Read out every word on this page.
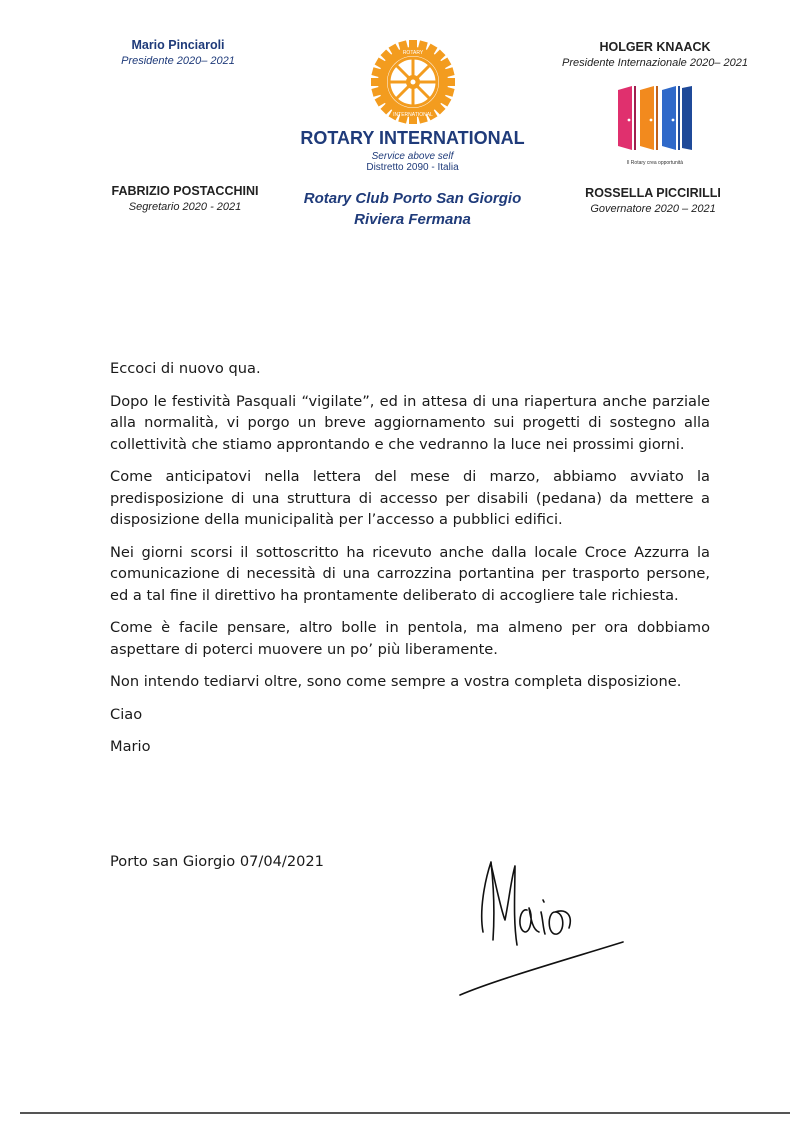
Mario Pinciaroli
Presidente 2020– 2021
HOLGER KNAACK
Presidente Internazionale 2020– 2021
Il Rotary crea opportunità
ROTARY
INTERNATIONAL
ROTARY INTERNATIONAL
Service above self
Distretto 2090 - Italia
Rotary Club Porto San Giorgio
Riviera Fermana
FABRIZIO POSTACCHINI
Segretario 2020 - 2021
ROSSELLA PICCIRILLI
Governatore 2020 – 2021

Eccoci di nuovo qua.

Dopo le festività Pasquali “vigilate”, ed in attesa di una riapertura anche parziale alla normalità, vi porgo un breve aggiornamento sui progetti di sostegno alla collettività che stiamo approntando e che vedranno la luce nei prossimi giorni.

Come anticipatovi nella lettera del mese di marzo, abbiamo avviato la predisposizione di una struttura di accesso per disabili (pedana) da mettere a disposizione della municipalità per l’accesso a pubblici edifici.

Nei giorni scorsi il sottoscritto ha ricevuto anche dalla locale Croce Azzurra la comunicazione di necessità di una carrozzina portantina per trasporto persone, ed a tal fine il direttivo ha prontamente deliberato di accogliere tale richiesta.

Come è facile pensare, altro bolle in pentola, ma almeno per ora dobbiamo aspettare di poterci muovere un po’ più liberamente.

Non intendo tediarvi oltre, sono come sempre a vostra completa disposizione.

Ciao

Mario

Porto san Giorgio 07/04/2021
